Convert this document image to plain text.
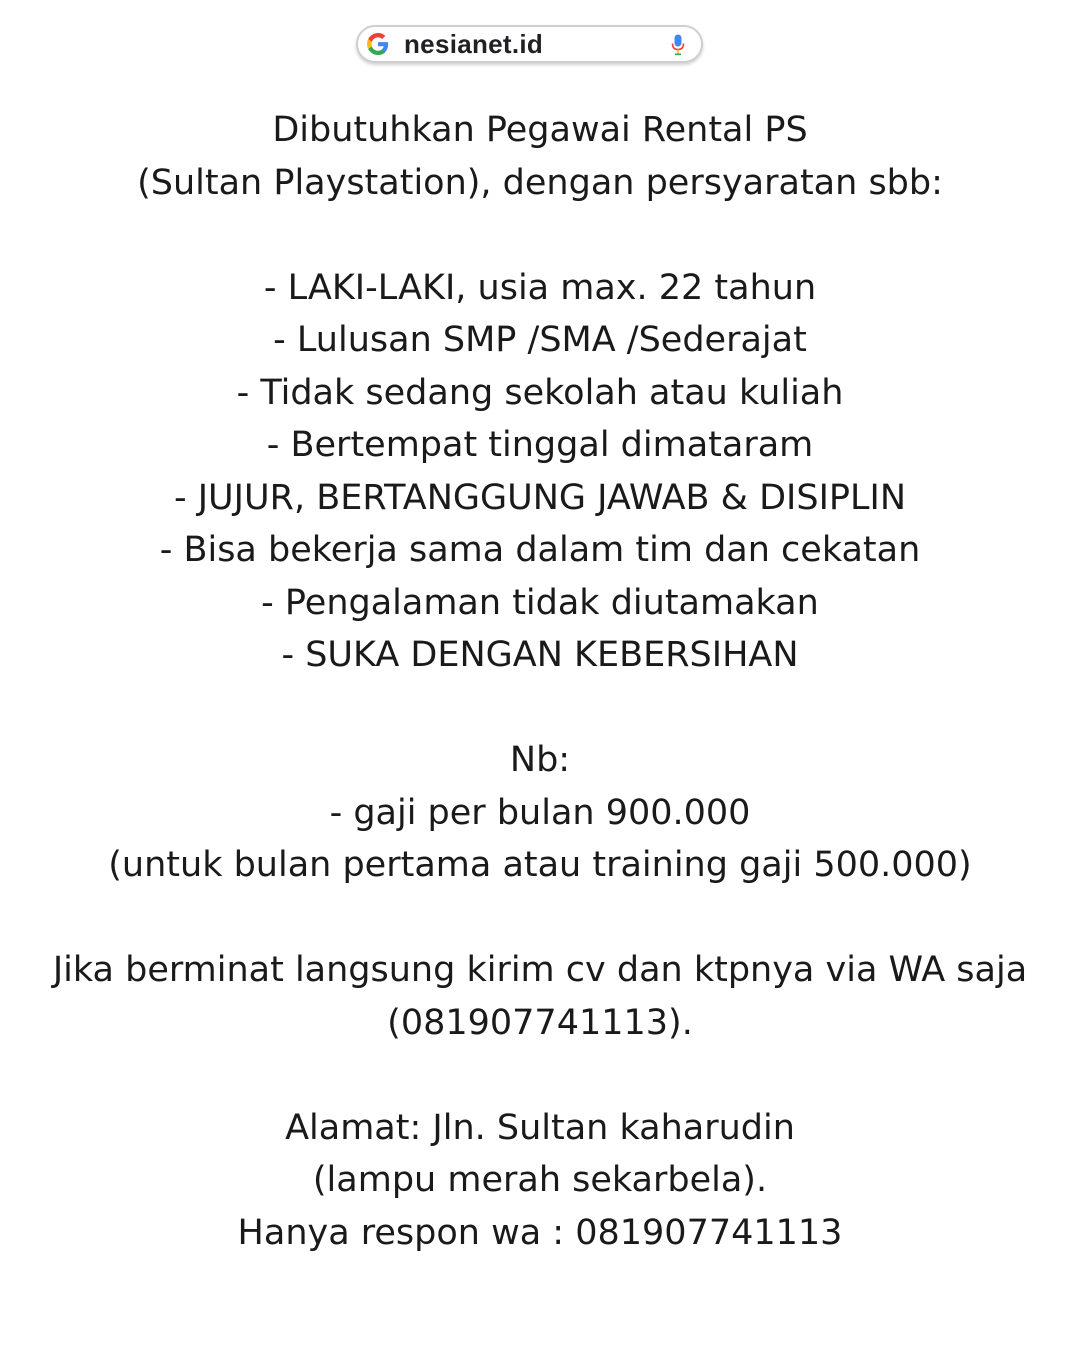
nesianet.id
Dibutuhkan Pegawai Rental PS
(Sultan Playstation), dengan persyaratan sbb:
- LAKI-LAKI, usia max. 22 tahun
- Lulusan SMP /SMA /Sederajat
- Tidak sedang sekolah atau kuliah
- Bertempat tinggal dimataram
- JUJUR, BERTANGGUNG JAWAB & DISIPLIN
- Bisa bekerja sama dalam tim dan cekatan
- Pengalaman tidak diutamakan
- SUKA DENGAN KEBERSIHAN
Nb:
- gaji per bulan 900.000
(untuk bulan pertama atau training gaji 500.000)
Jika berminat langsung kirim cv dan ktpnya via WA saja
(081907741113).
Alamat: Jln. Sultan kaharudin
(lampu merah sekarbela).
Hanya respon wa : 081907741113
